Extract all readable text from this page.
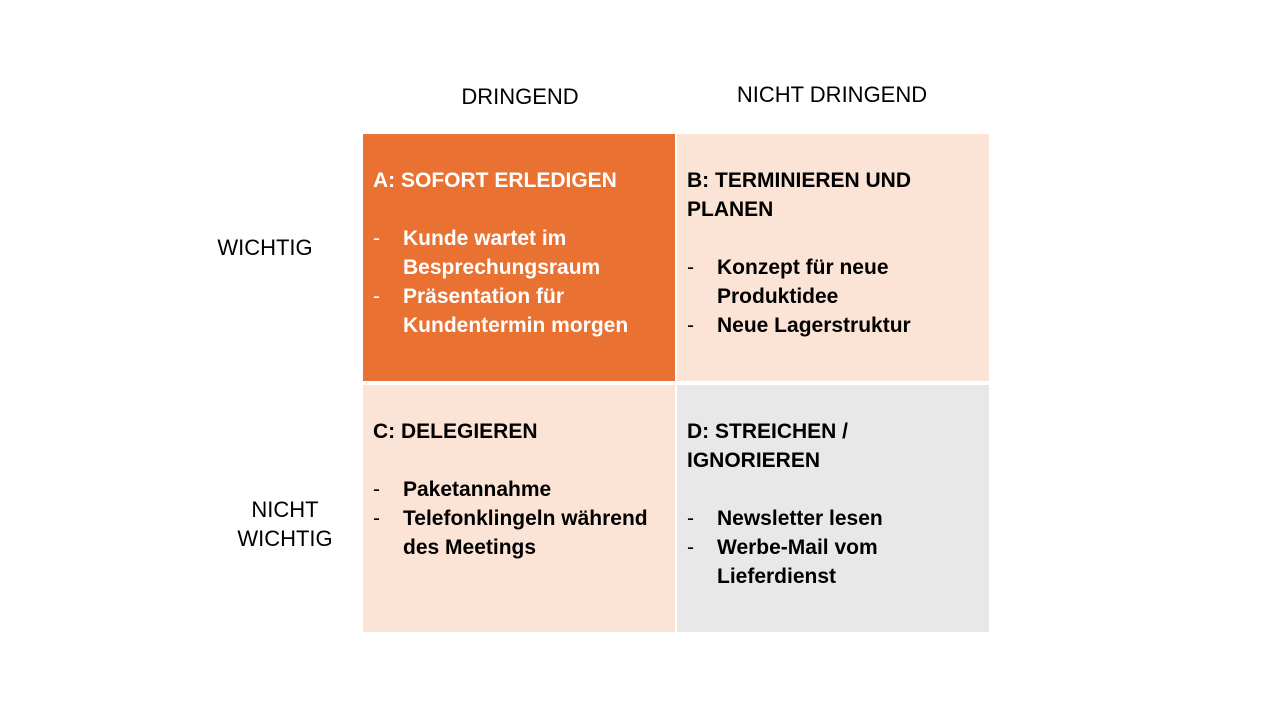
DRINGEND	NICHT DRINGEND
WICHTIG
NICHT WICHTIG
A: SOFORT ERLEDIGEN
- Kunde wartet im Besprechungsraum
- Präsentation für Kundentermin morgen
B: TERMINIEREN UND PLANEN
- Konzept für neue Produktidee
- Neue Lagerstruktur
C: DELEGIEREN
- Paketannahme
- Telefonklingeln während des Meetings
D: STREICHEN / IGNORIEREN
- Newsletter lesen
- Werbe-Mail vom Lieferdienst
